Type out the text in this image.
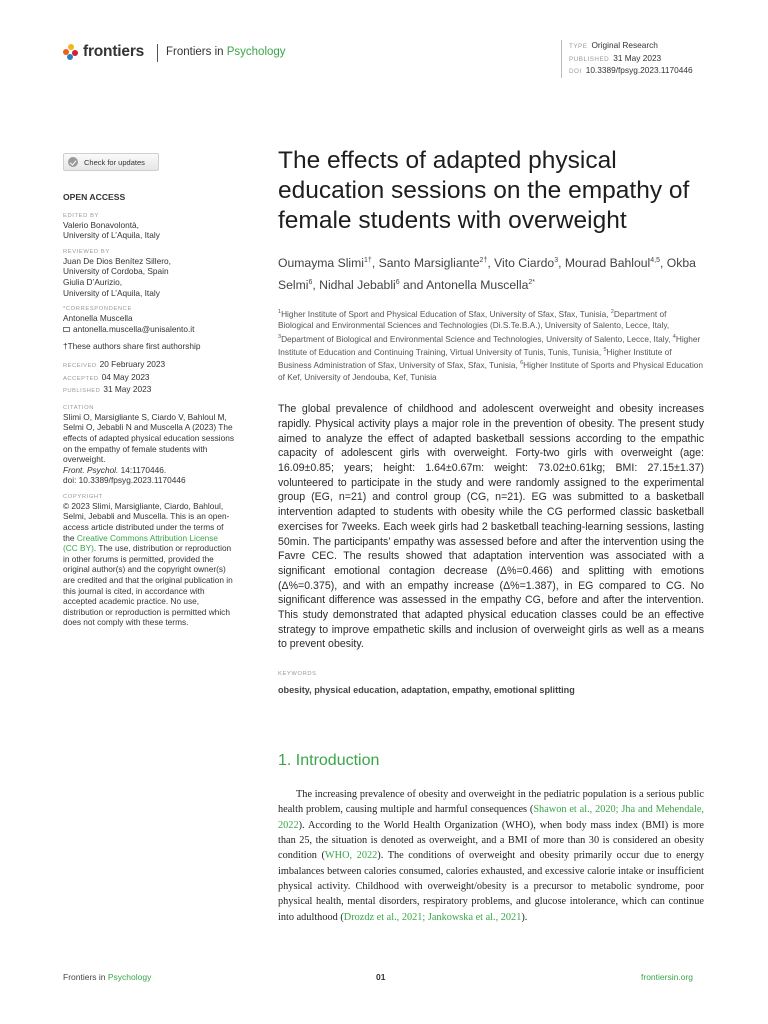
frontiers Frontiers in Psychology	TYPE Original Research
PUBLISHED 31 May 2023
DOI 10.3389/fpsyg.2023.1170446
Check for updates
OPEN ACCESS
EDITED BY
Valerio Bonavolontà,
University of L’Aquila, Italy
REVIEWED BY
Juan De Dios Benítez Sillero,
University of Cordoba, Spain
Giulia D’Aurizio,
University of L’Aquila, Italy
*CORRESPONDENCE
Antonella Muscella
antonella.muscella@unisalento.it
†These authors share first authorship
RECEIVED 20 February 2023
ACCEPTED 04 May 2023
PUBLISHED 31 May 2023
CITATION
Slimi O, Marsigliante S, Ciardo V, Bahloul M,
Selmi O, Jebabli N and Muscella A (2023) The
effects of adapted physical education sessions
on the empathy of female students with
overweight.
Front. Psychol. 14:1170446.
doi: 10.3389/fpsyg.2023.1170446
COPYRIGHT
© 2023 Slimi, Marsigliante, Ciardo, Bahloul,
Selmi, Jebabli and Muscella. This is an open-
access article distributed under the terms of
the Creative Commons Attribution License
(CC BY). The use, distribution or reproduction
in other forums is permitted, provided the
original author(s) and the copyright owner(s)
are credited and that the original publication in
this journal is cited, in accordance with
accepted academic practice. No use,
distribution or reproduction is permitted which
does not comply with these terms.
The effects of adapted physical education sessions on the empathy of female students with overweight
Oumayma Slimi$^{1\dagger}$, Santo Marsigliante$^{2\dagger}$, Vito Ciardo$^3$, Mourad Bahloul$^{4,5}$, Okba Selmi$^6$, Nidhal Jebabli$^6$ and Antonella Muscella$^{2*}$
$^1$Higher Institute of Sport and Physical Education of Sfax, University of Sfax, Sfax, Tunisia, $^2$Department of Biological and Environmental Sciences and Technologies (Di.S.Te.B.A.), University of Salento, Lecce, Italy, $^3$Department of Biological and Environmental Science and Technologies, University of Salento, Lecce, Italy, $^4$Higher Institute of Education and Continuing Training, Virtual University of Tunis, Tunis, Tunisia, $^5$Higher Institute of Business Administration of Sfax, University of Sfax, Sfax, Tunisia, $^6$Higher Institute of Sports and Physical Education of Kef, University of Jendouba, Kef, Tunisia
The global prevalence of childhood and adolescent overweight and obesity increases rapidly. Physical activity plays a major role in the prevention of obesity. The present study aimed to analyze the effect of adapted basketball sessions according to the empathic capacity of adolescent girls with overweight. Forty-two girls with overweight (age: 16.09±0.85; years; height: 1.64±0.67m: weight: 73.02±0.61kg; BMI: 27.15±1.37) volunteered to participate in the study and were randomly assigned to the experimental group (EG, n=21) and control group (CG, n=21). EG was submitted to a basketball intervention adapted to students with obesity while the CG performed classic basketball exercises for 7weeks. Each week girls had 2 basketball teaching-learning sessions, lasting 50min. The participants’ empathy was assessed before and after the intervention using the Favre CEC. The results showed that adaptation intervention was associated with a significant emotional contagion decrease (Δ%=0.466) and splitting with emotions (Δ%=0.375), and with an empathy increase (Δ%=1.387), in EG compared to CG. No significant difference was assessed in the empathy CG, before and after the intervention. This study demonstrated that adapted physical education classes could be an effective strategy to improve empathetic skills and inclusion of overweight girls as well as a means to prevent obesity.
KEYWORDS
obesity, physical education, adaptation, empathy, emotional splitting
1. Introduction
The increasing prevalence of obesity and overweight in the pediatric population is a serious public health problem, causing multiple and harmful consequences (Shawon et al., 2020; Jha and Mehendale, 2022). According to the World Health Organization (WHO), when body mass index (BMI) is more than 25, the situation is denoted as overweight, and a BMI of more than 30 is considered an obesity condition (WHO, 2022). The conditions of overweight and obesity primarily occur due to energy imbalances between calories consumed, calories exhausted, and excessive calorie intake or insufficient physical activity. Childhood with overweight/obesity is a precursor to metabolic syndrome, poor physical health, mental disorders, respiratory problems, and glucose intolerance, which can continue into adulthood (Drozdz et al., 2021; Jankowska et al., 2021).
Frontiers in Psychology	01	frontiersin.org
